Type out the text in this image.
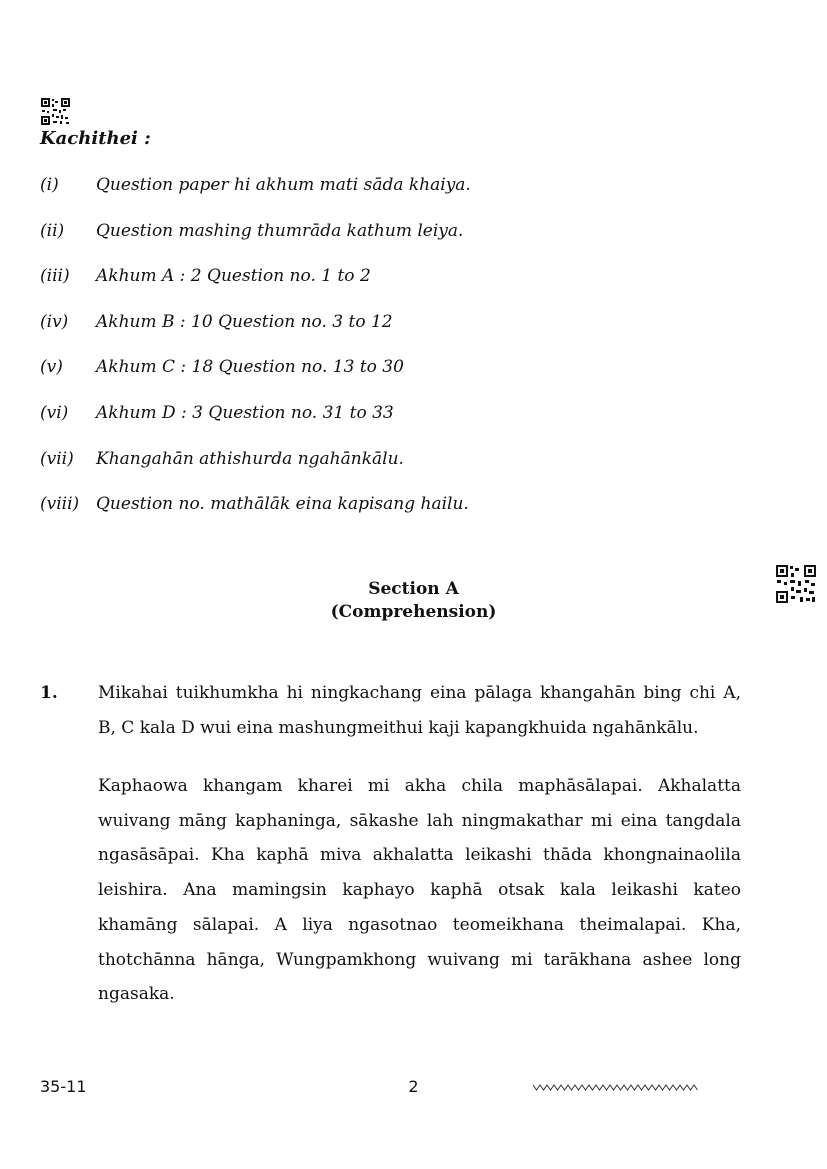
Kachithei :
(i)	Question paper hi akhum mati sāda khaiya.
(ii)	Question mashing thumrāda kathum leiya.
(iii)	Akhum A : 2 Question no. 1 to 2
(iv)	Akhum B : 10 Question no. 3 to 12
(v)	Akhum C : 18 Question no. 13 to 30
(vi)	Akhum D : 3 Question no. 31 to 33
(vii)	Khangahān athishurda ngahānkālu.
(viii) Question no. mathālāk eina kapisang hailu.
Section A
(Comprehension)
1.	Mikahai tuikhumkha hi ningkachang eina pālaga khangahān bing chi A, B, C kala D wui eina mashungmeithui kaji kapangkhuida ngahānkālu.
Kaphaowa khangam kharei mi akha chila maphāsālapai. Akhalatta wuivang māng kaphaninga, sākashe lah ningmakathar mi eina tangdala ngasāsāpai. Kha kaphā miva akhalatta leikashi thāda khongnainaolila leishira. Ana mamingsin kaphayo kaphā otsak kala leikashi kateo khamāng sālapai. A liya ngasotnao teomeikhana theimalapai. Kha, thotchānna hānga, Wungpamkhong wuivang mi tarākhana ashee long ngasaka.
35-11	2
